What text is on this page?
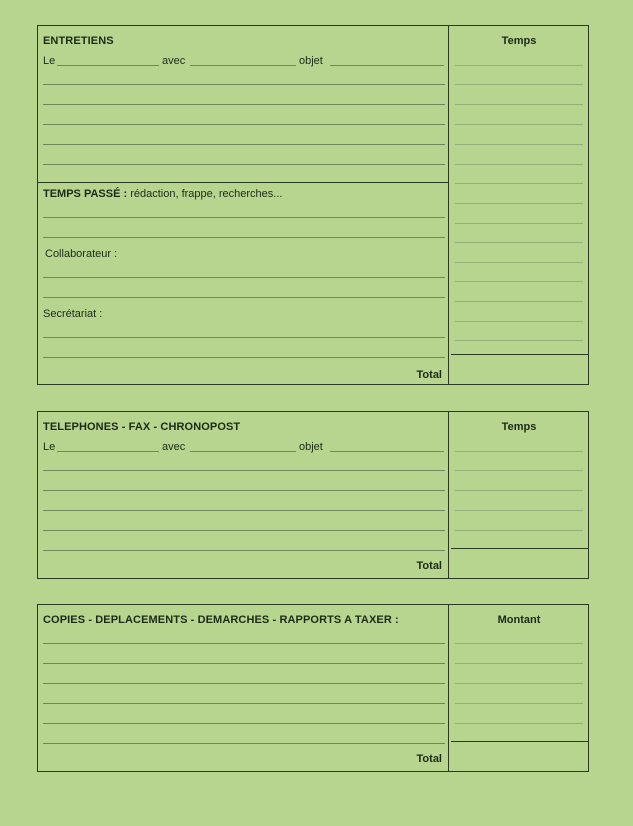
ENTRETIENS	Temps
Le	avec	objet
TEMPS PASSÉ : rédaction, frappe, recherches...
Collaborateur :
Secrétariat :
Total
TELEPHONES - FAX - CHRONOPOST	Temps
Le	avec	objet
Total
COPIES - DEPLACEMENTS - DEMARCHES - RAPPORTS A TAXER :	Montant
Total
